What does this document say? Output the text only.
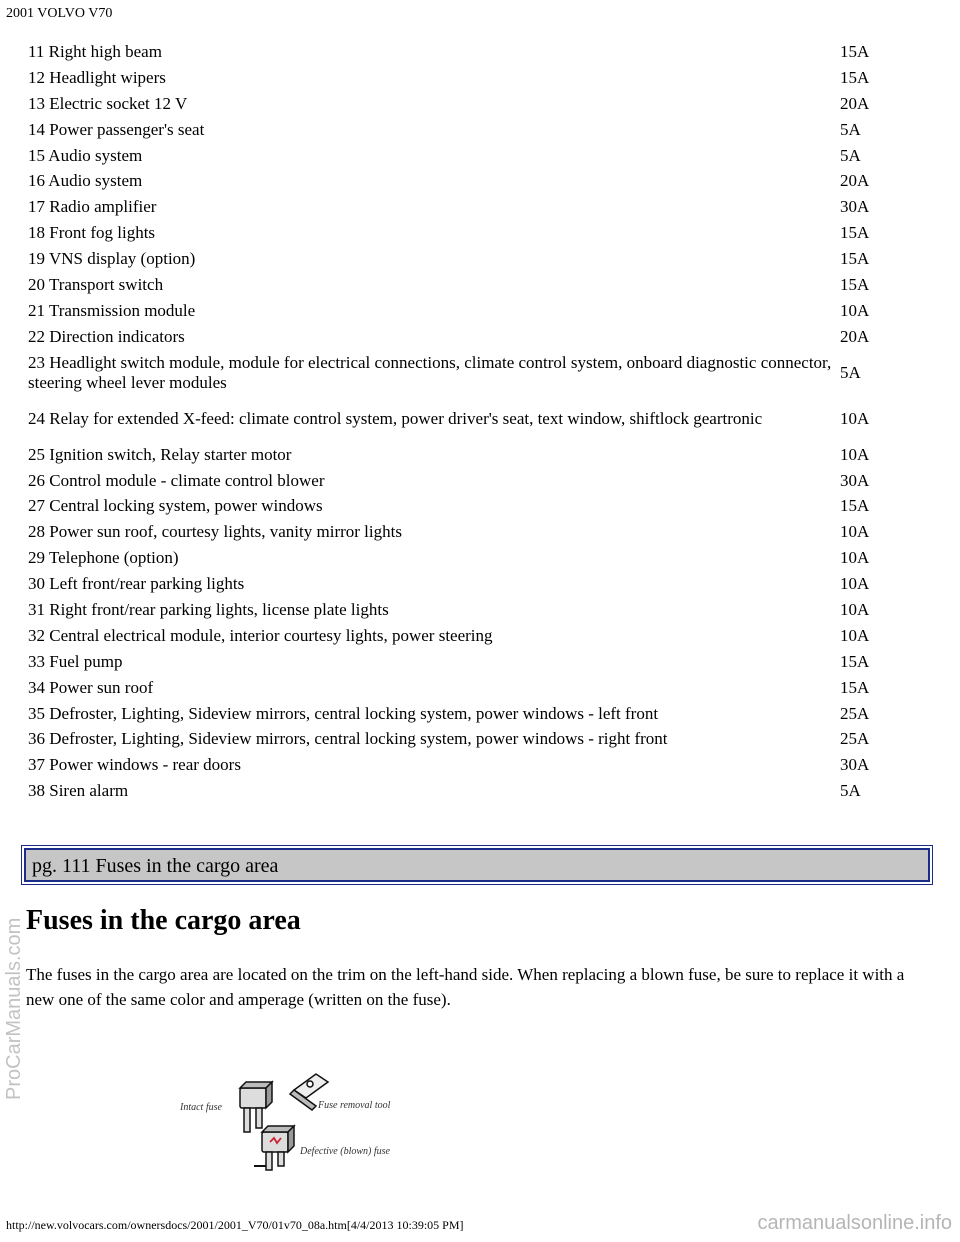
2001 VOLVO V70
11 Right high beam	15A
12 Headlight wipers	15A
13 Electric socket 12 V	20A
14 Power passenger's seat	5A
15 Audio system	5A
16 Audio system	20A
17 Radio amplifier	30A
18 Front fog lights	15A
19 VNS display (option)	15A
20 Transport switch	15A
21 Transmission module	10A
22 Direction indicators	20A
23 Headlight switch module, module for electrical connections, climate control system, onboard diagnostic connector, steering wheel lever modules	5A
24 Relay for extended X-feed: climate control system, power driver's seat, text window, shiftlock geartronic	10A
25 Ignition switch, Relay starter motor	10A
26 Control module - climate control blower	30A
27 Central locking system, power windows	15A
28 Power sun roof, courtesy lights, vanity mirror lights	10A
29 Telephone (option)	10A
30 Left front/rear parking lights	10A
31 Right front/rear parking lights, license plate lights	10A
32 Central electrical module, interior courtesy lights, power steering	10A
33 Fuel pump	15A
34 Power sun roof	15A
35 Defroster, Lighting, Sideview mirrors, central locking system, power windows - left front	25A
36 Defroster, Lighting, Sideview mirrors, central locking system, power windows - right front	25A
37 Power windows - rear doors	30A
38 Siren alarm	5A
pg. 111 Fuses in the cargo area
Fuses in the cargo area

The fuses in the cargo area are located on the trim on the left-hand side. When replacing a blown fuse, be sure to replace it with a new one of the same color and amperage (written on the fuse).

Intact fuse	Fuse removal tool
Defective (blown) fuse
http://new.volvocars.com/ownersdocs/2001/2001_V70/01v70_08a.htm[4/4/2013 10:39:05 PM]
ProCarManuals.com
carmanualsonline.info
